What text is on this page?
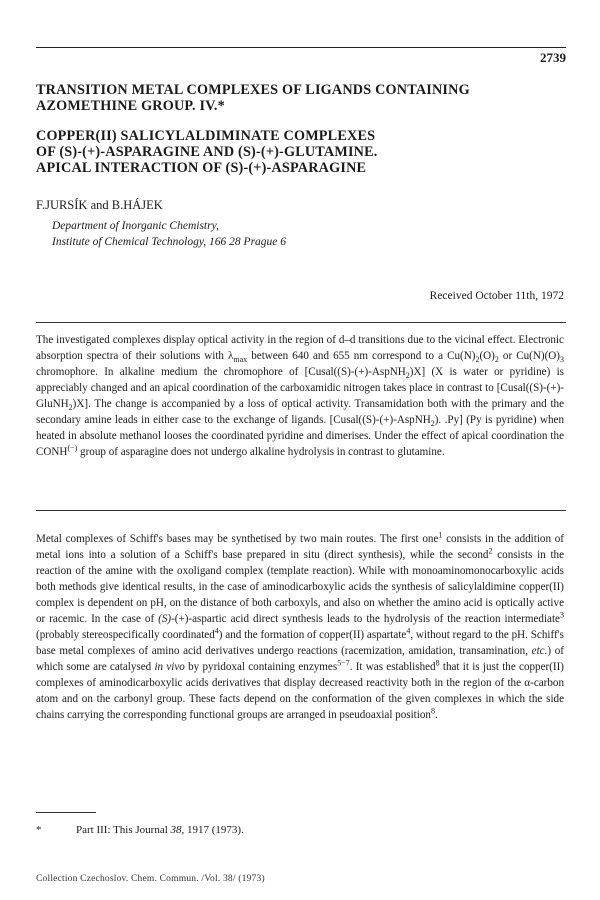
2739
TRANSITION METAL COMPLEXES OF LIGANDS CONTAINING
AZOMETHINE GROUP. IV.*
COPPER(II) SALICYLALDIMINATE COMPLEXES
OF (S)-(+)-ASPARAGINE AND (S)-(+)-GLUTAMINE.
APICAL INTERACTION OF (S)-(+)-ASPARAGINE
F.JURSÍK and B.HÁJEK
Department of Inorganic Chemistry,
Institute of Chemical Technology, 166 28 Prague 6
Received October 11th, 1972

The investigated complexes display optical activity in the region of d–d transitions due to the vicinal effect. Electronic absorption spectra of their solutions with $\lambda_{max}$ between 640 and 655 nm correspond to a $Cu(N)_2(O)_2$ or $Cu(N)(O)_3$ chromophore. In alkaline medium the chromophore of [Cusal((S)-(+)-AspNH$_2$)X] (X is water or pyridine) is appreciably changed and an apical coordination of the carboxamidic nitrogen takes place in contrast to [Cusal((S)-(+)-GluNH$_2$)X]. The change is accompanied by a loss of optical activity. Transamidation both with the primary and the secondary amine leads in either case to the exchange of ligands. [Cusal((S)-(+)-AspNH$_2$). .Py] (Py is pyridine) when heated in absolute methanol looses the coordinated pyridine and dimerises. Under the effect of apical coordination the CONH(−) group of asparagine does not undergo alkaline hydrolysis in contrast to glutamine.

Metal complexes of Schiff's bases may be synthetised by two main routes. The first one$^1$ consists in the addition of metal ions into a solution of a Schiff's base prepared in situ (direct synthesis), while the second$^2$ consists in the reaction of the amine with the oxoligand complex (template reaction). While with monoaminomonocarboxylic acids both methods give identical results, in the case of aminodicarboxylic acids the synthesis of salicylaldimine copper(II) complex is dependent on pH, on the distance of both carboxyls, and also on whether the amino acid is optically active or racemic. In the case of (S)-(+)-aspartic acid direct synthesis leads to the hydrolysis of the reaction intermediate$^3$ (probably stereospecifically coordinated$^4$) and the formation of copper(II) aspartate$^4$, without regard to the pH. Schiff's base metal complexes of amino acid derivatives undergo reactions (racemization, amidation, transamination, etc.) of which some are catalysed in vivo by pyridoxal containing enzymes$^{5-7}$. It was established$^8$ that it is just the copper(II) complexes of aminodicarboxylic acids derivatives that display decreased reactivity both in the region of the α-carbon atom and on the carbonyl group. These facts depend on the conformation of the given complexes in which the side chains carrying the corresponding functional groups are arranged in pseudoaxial position$^8$.

*	Part III: This Journal 38, 1917 (1973).
Collection Czechoslov. Chem. Commun. /Vol. 38/ (1973)
